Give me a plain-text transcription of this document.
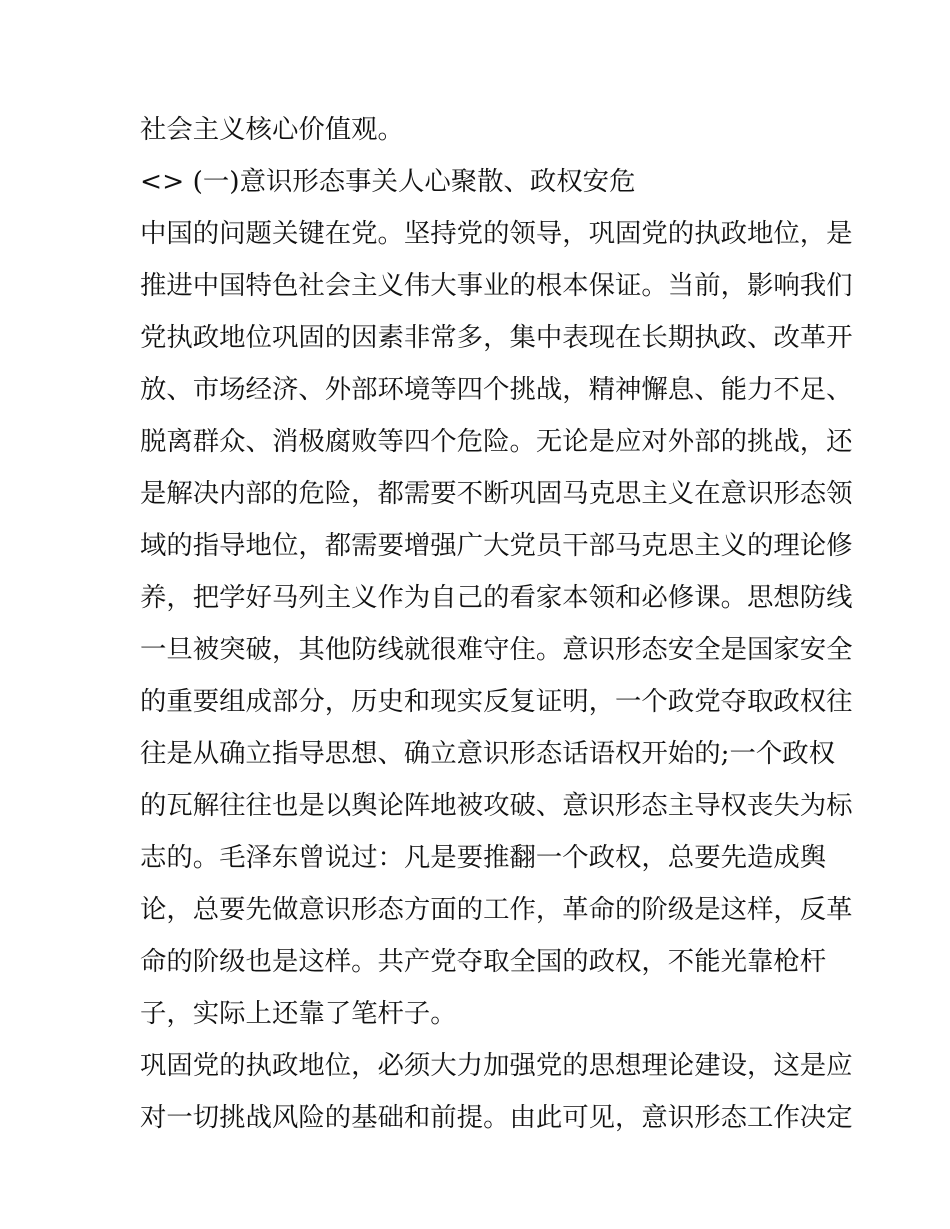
社会主义核心价值观。
<> (一)意识形态事关人心聚散、政权安危
中国的问题关键在党。坚持党的领导，巩固党的执政地位，是
推进中国特色社会主义伟大事业的根本保证。当前，影响我们
党执政地位巩固的因素非常多，集中表现在长期执政、改革开
放、市场经济、外部环境等四个挑战，精神懈息、能力不足、
脱离群众、消极腐败等四个危险。无论是应对外部的挑战，还
是解决内部的危险，都需要不断巩固马克思主义在意识形态领
域的指导地位，都需要增强广大党员干部马克思主义的理论修
养，把学好马列主义作为自己的看家本领和必修课。思想防线
一旦被突破，其他防线就很难守住。意识形态安全是国家安全
的重要组成部分，历史和现实反复证明，一个政党夺取政权往
往是从确立指导思想、确立意识形态话语权开始的;一个政权
的瓦解往往也是以舆论阵地被攻破、意识形态主导权丧失为标
志的。毛泽东曾说过：凡是要推翻一个政权，总要先造成舆
论，总要先做意识形态方面的工作，革命的阶级是这样，反革
命的阶级也是这样。共产党夺取全国的政权，不能光靠枪杆
子，实际上还靠了笔杆子。
巩固党的执政地位，必须大力加强党的思想理论建设，这是应
对一切挑战风险的基础和前提。由此可见，意识形态工作决定
